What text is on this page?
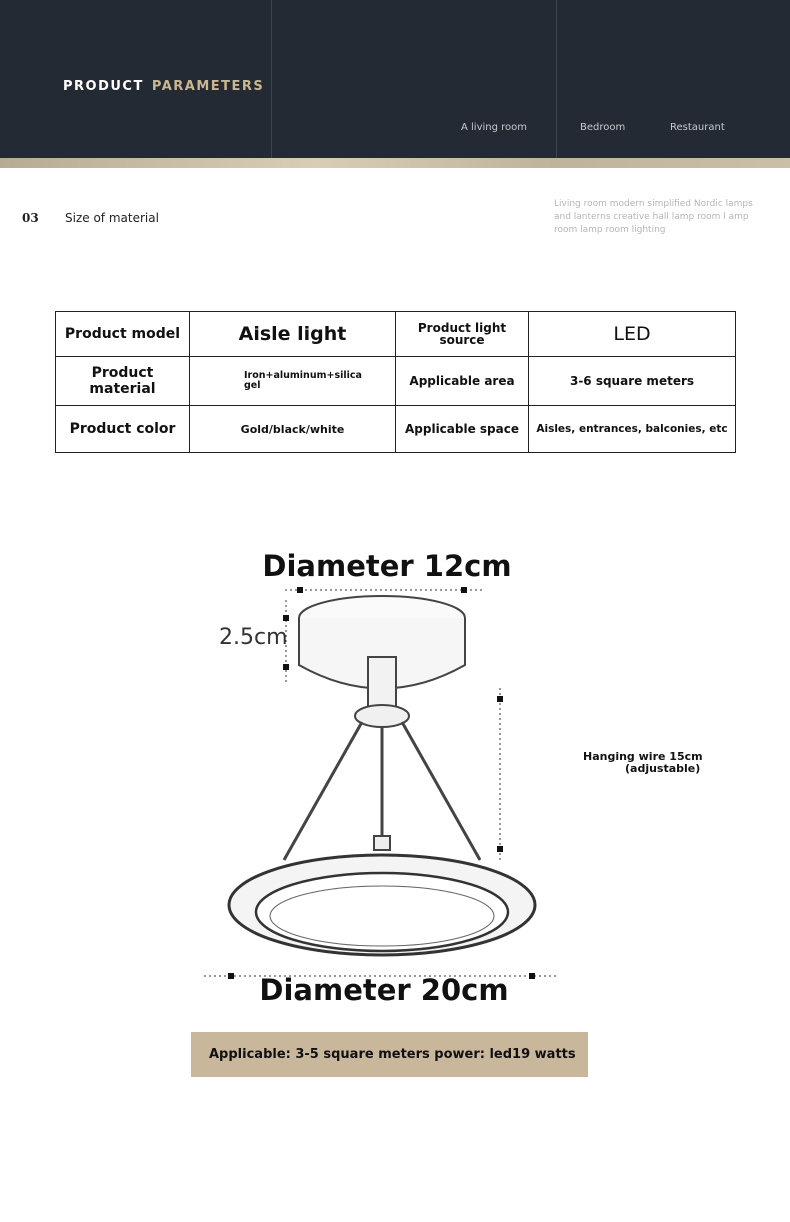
PRODUCT PARAMETERS
A living room	Bedroom	Restaurant
03 Size of material
Living room modern simplified Nordic lamps and lanterns creative hall lamp room l amp room lamp room lighting
Product model	Aisle light	Product light source	LED
Product material	Iron+aluminum+silica gel	Applicable area	3-6 square meters
Product color	Gold/black/white	Applicable space	Aisles, entrances, balconies, etc
Diameter 12cm
2.5cm
Hanging wire 15cm
(adjustable)
Diameter 20cm
Applicable: 3-5 square meters power: led19 watts
